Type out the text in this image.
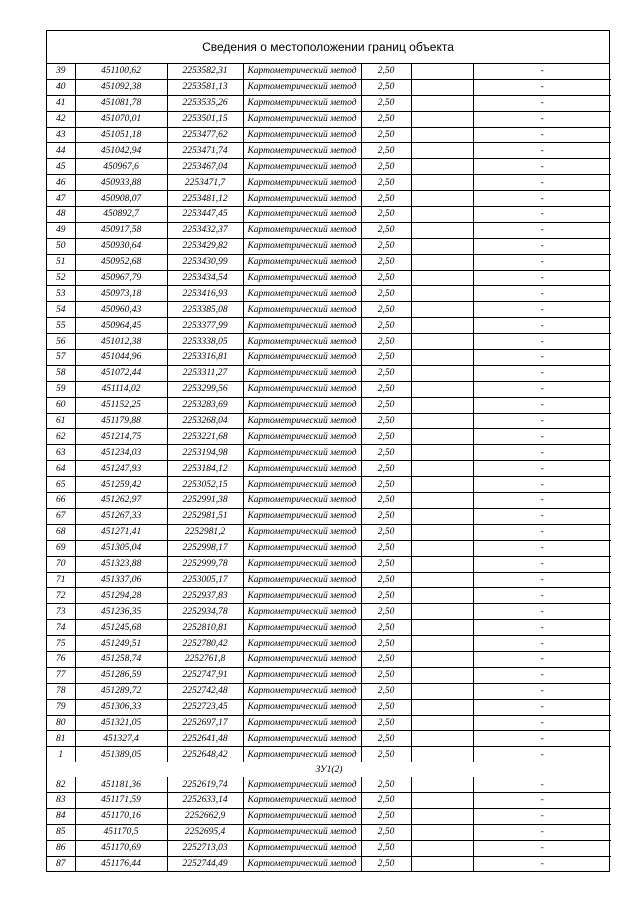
Сведения о местоположении границ объекта
39	451100,62	2253582,31	Картометрический метод	2,50		-
40	451092,38	2253581,13	Картометрический метод	2,50		-
41	451081,78	2253535,26	Картометрический метод	2,50		-
42	451070,01	2253501,15	Картометрический метод	2,50		-
43	451051,18	2253477,62	Картометрический метод	2,50		-
44	451042,94	2253471,74	Картометрический метод	2,50		-
45	450967,6	2253467,04	Картометрический метод	2,50		-
46	450933,88	2253471,7	Картометрический метод	2,50		-
47	450908,07	2253481,12	Картометрический метод	2,50		-
48	450892,7	2253447,45	Картометрический метод	2,50		-
49	450917,58	2253432,37	Картометрический метод	2,50		-
50	450930,64	2253429,82	Картометрический метод	2,50		-
51	450952,68	2253430,99	Картометрический метод	2,50		-
52	450967,79	2253434,54	Картометрический метод	2,50		-
53	450973,18	2253416,93	Картометрический метод	2,50		-
54	450960,43	2253385,08	Картометрический метод	2,50		-
55	450964,45	2253377,99	Картометрический метод	2,50		-
56	451012,38	2253338,05	Картометрический метод	2,50		-
57	451044,96	2253316,81	Картометрический метод	2,50		-
58	451072,44	2253311,27	Картометрический метод	2,50		-
59	451114,02	2253299,56	Картометрический метод	2,50		-
60	451152,25	2253283,69	Картометрический метод	2,50		-
61	451179,88	2253268,04	Картометрический метод	2,50		-
62	451214,75	2253221,68	Картометрический метод	2,50		-
63	451234,03	2253194,98	Картометрический метод	2,50		-
64	451247,93	2253184,12	Картометрический метод	2,50		-
65	451259,42	2253052,15	Картометрический метод	2,50		-
66	451262,97	2252991,38	Картометрический метод	2,50		-
67	451267,33	2252981,51	Картометрический метод	2,50		-
68	451271,41	2252981,2	Картометрический метод	2,50		-
69	451305,04	2252998,17	Картометрический метод	2,50		-
70	451323,88	2252999,78	Картометрический метод	2,50		-
71	451337,06	2253005,17	Картометрический метод	2,50		-
72	451294,28	2252937,83	Картометрический метод	2,50		-
73	451236,35	2252934,78	Картометрический метод	2,50		-
74	451245,68	2252810,81	Картометрический метод	2,50		-
75	451249,51	2252780,42	Картометрический метод	2,50		-
76	451258,74	2252761,8	Картометрический метод	2,50		-
77	451286,59	2252747,91	Картометрический метод	2,50		-
78	451289,72	2252742,48	Картометрический метод	2,50		-
79	451306,33	2252723,45	Картометрический метод	2,50		-
80	451321,05	2252697,17	Картометрический метод	2,50		-
81	451327,4	2252641,48	Картометрический метод	2,50		-
1	451389,05	2252648,42	Картометрический метод	2,50		-
ЗУ1(2)						
82	451181,36	2252619,74	Картометрический метод	2,50		-
83	451171,59	2252633,14	Картометрический метод	2,50		-
84	451170,16	2252662,9	Картометрический метод	2,50		-
85	451170,5	2252695,4	Картометрический метод	2,50		-
86	451170,69	2252713,03	Картометрический метод	2,50		-
87	451176,44	2252744,49	Картометрический метод	2,50		-
